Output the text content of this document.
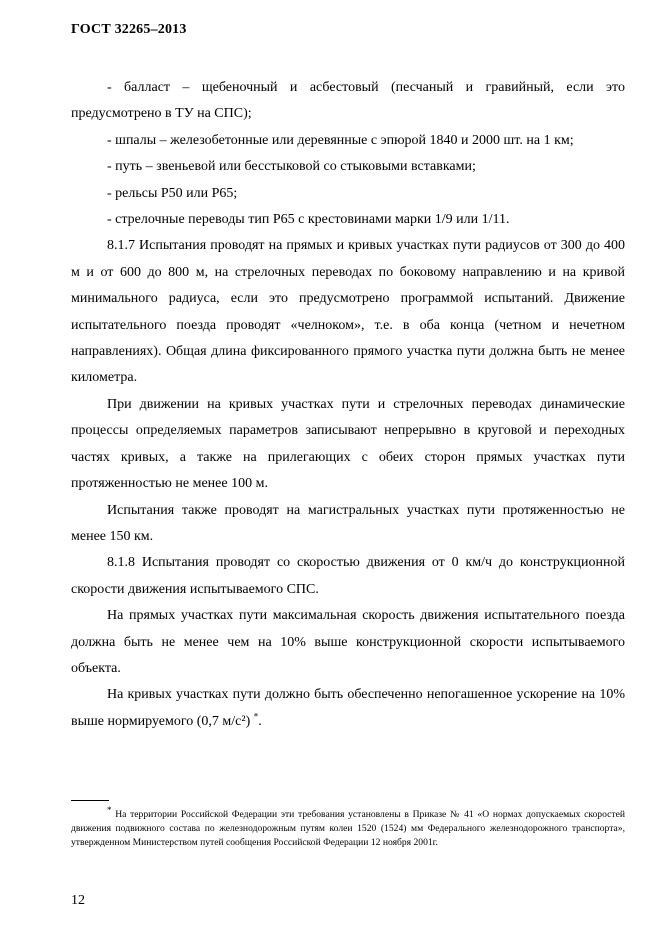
ГОСТ 32265–2013

- балласт – щебеночный и асбестовый (песчаный и гравийный, если это предусмотрено в ТУ на СПС);

- шпалы – железобетонные или деревянные с эпюрой 1840 и 2000 шт. на 1 км;

- путь – звеньевой или бесстыковой со стыковыми вставками;

- рельсы Р50 или Р65;

- стрелочные переводы тип Р65 с крестовинами марки 1/9 или 1/11.

8.1.7 Испытания проводят на прямых и кривых участках пути радиусов от 300 до 400 м и от 600 до 800 м, на стрелочных переводах по боковому направлению и на кривой минимального радиуса, если это предусмотрено программой испытаний. Движение испытательного поезда проводят «челноком», т.е. в оба конца (четном и нечетном направлениях). Общая длина фиксированного прямого участка пути должна быть не менее километра.

При движении на кривых участках пути и стрелочных переводах динамические процессы определяемых параметров записывают непрерывно в круговой и переходных частях кривых, а также на прилегающих с обеих сторон прямых участках пути протяженностью не менее 100 м.

Испытания также проводят на магистральных участках пути протяженностью не менее 150 км.

8.1.8 Испытания проводят со скоростью движения от 0 км/ч до конструкционной скорости движения испытываемого СПС.

На прямых участках пути максимальная скорость движения испытательного поезда должна быть не менее чем на 10% выше конструкционной скорости испытываемого объекта.

На кривых участках пути должно быть обеспеченно непогашенное ускорение на 10% выше нормируемого (0,7 м/с²) *.

* На территории Российской Федерации эти требования установлены в Приказе № 41 «О нормах допускаемых скоростей движения подвижного состава по железнодорожным путям колеи 1520 (1524) мм Федерального железнодорожного транспорта», утвержденном Министерством путей сообщения Российской Федерации 12 ноября 2001г.

12
